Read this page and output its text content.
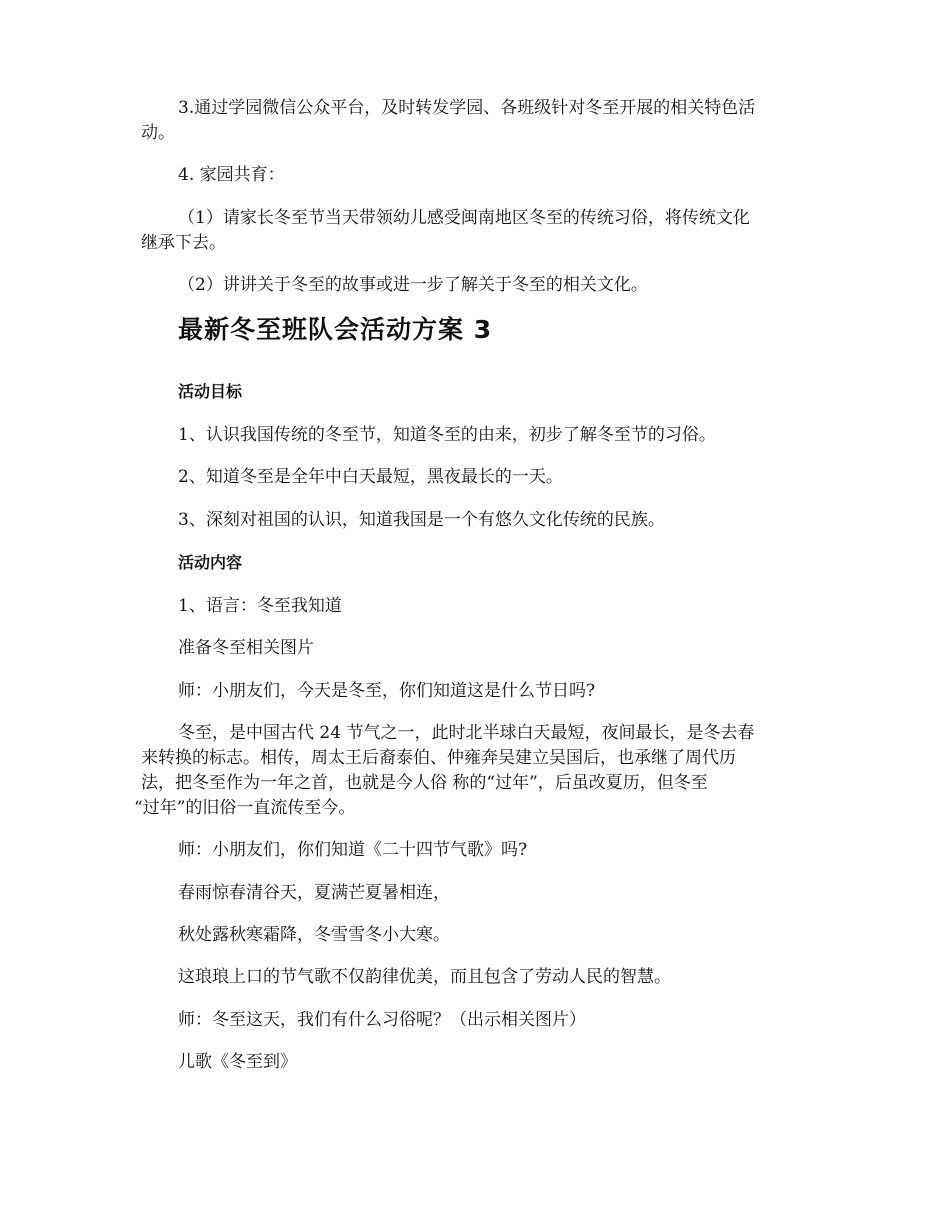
3.通过学园微信公众平台，及时转发学园、各班级针对冬至开展的相关特色活

动。

4. 家园共育：

（1）请家长冬至节当天带领幼儿感受闽南地区冬至的传统习俗，将传统文化

继承下去。

（2）讲讲关于冬至的故事或进一步了解关于冬至的相关文化。

最新冬至班队会活动方案 3
活动目标

1、认识我国传统的冬至节，知道冬至的由来，初步了解冬至节的习俗。

2、知道冬至是全年中白天最短，黑夜最长的一天。

3、深刻对祖国的认识，知道我国是一个有悠久文化传统的民族。

活动内容

1、语言：冬至我知道

准备冬至相关图片

师：小朋友们，今天是冬至，你们知道这是什么节日吗?

冬至，是中国古代 24 节气之一，此时北半球白天最短，夜间最长，是冬去春

来转换的标志。相传，周太王后裔泰伯、仲雍奔吴建立吴国后，也承继了周代历

法，把冬至作为一年之首，也就是今人俗 称的“过年”，后虽改夏历，但冬至

“过年”的旧俗一直流传至今。

师：小朋友们，你们知道《二十四节气歌》吗?

春雨惊春清谷天，夏满芒夏暑相连，

秋处露秋寒霜降，冬雪雪冬小大寒。

这琅琅上口的节气歌不仅韵律优美，而且包含了劳动人民的智慧。

师：冬至这天，我们有什么习俗呢？（出示相关图片）

儿歌《冬至到》
